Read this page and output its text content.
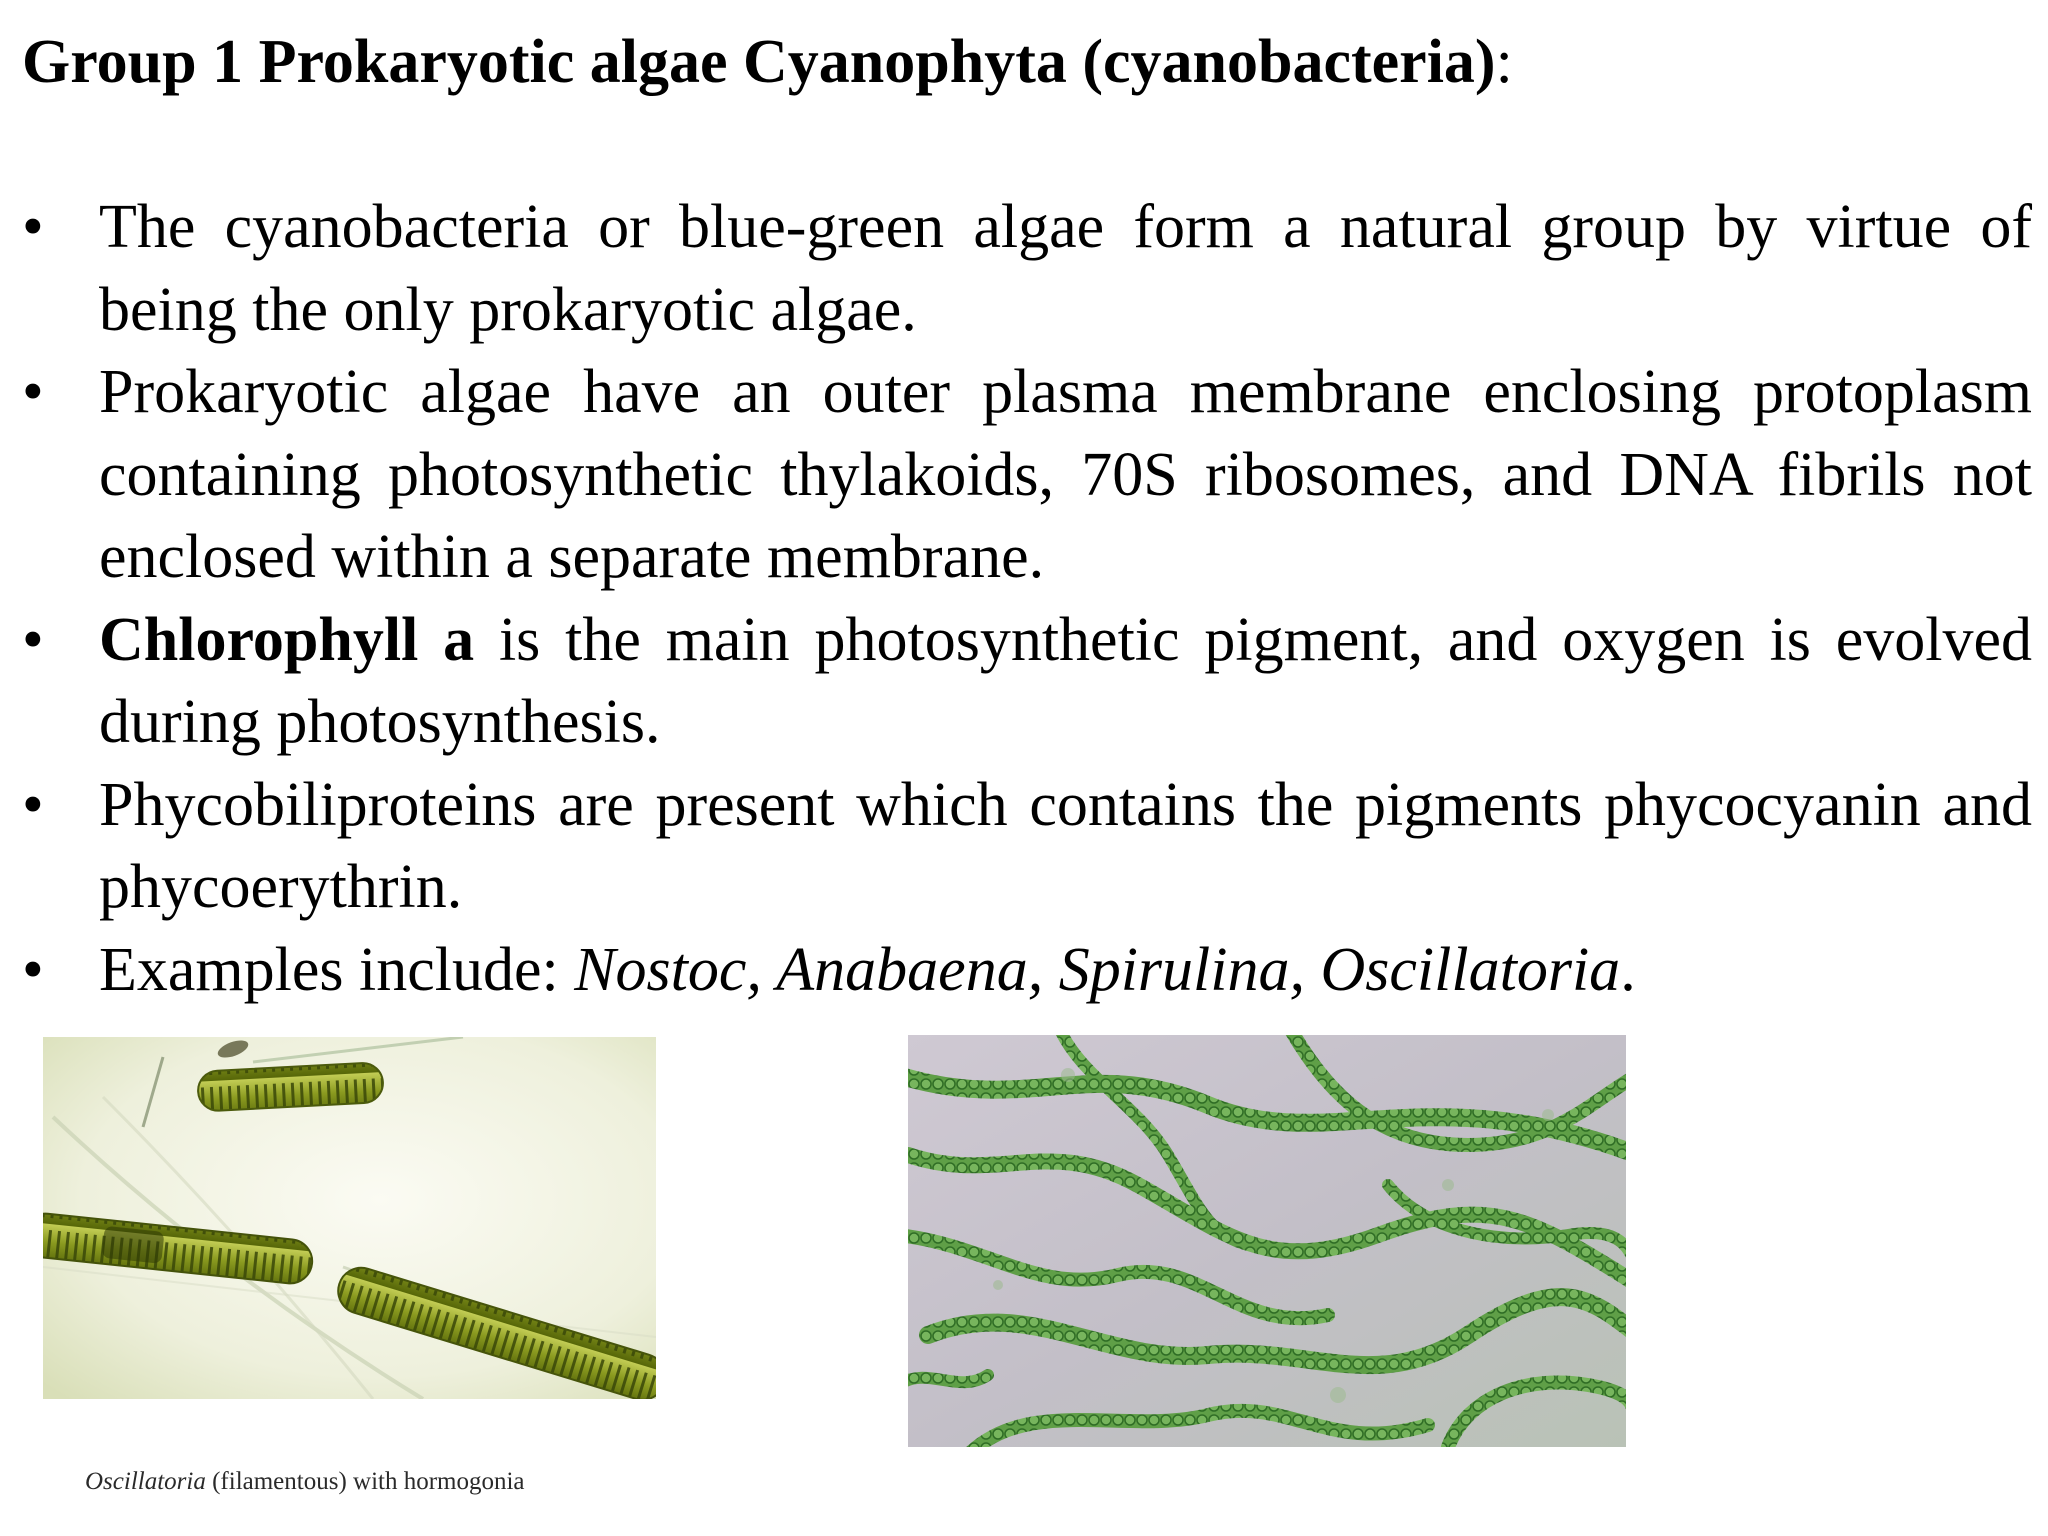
Group 1 Prokaryotic algae Cyanophyta (cyanobacteria):
• The cyanobacteria or blue-green algae form a natural group by virtue of being the only prokaryotic algae.
• Prokaryotic algae have an outer plasma membrane enclosing protoplasm containing photosynthetic thylakoids, 70S ribosomes, and DNA fibrils not enclosed within a separate membrane.
• Chlorophyll a is the main photosynthetic pigment, and oxygen is evolved during photosynthesis.
• Phycobiliproteins are present which contains the pigments phycocyanin and phycoerythrin.
• Examples include: Nostoc, Anabaena, Spirulina, Oscillatoria.
Oscillatoria (filamentous) with hormogonia
